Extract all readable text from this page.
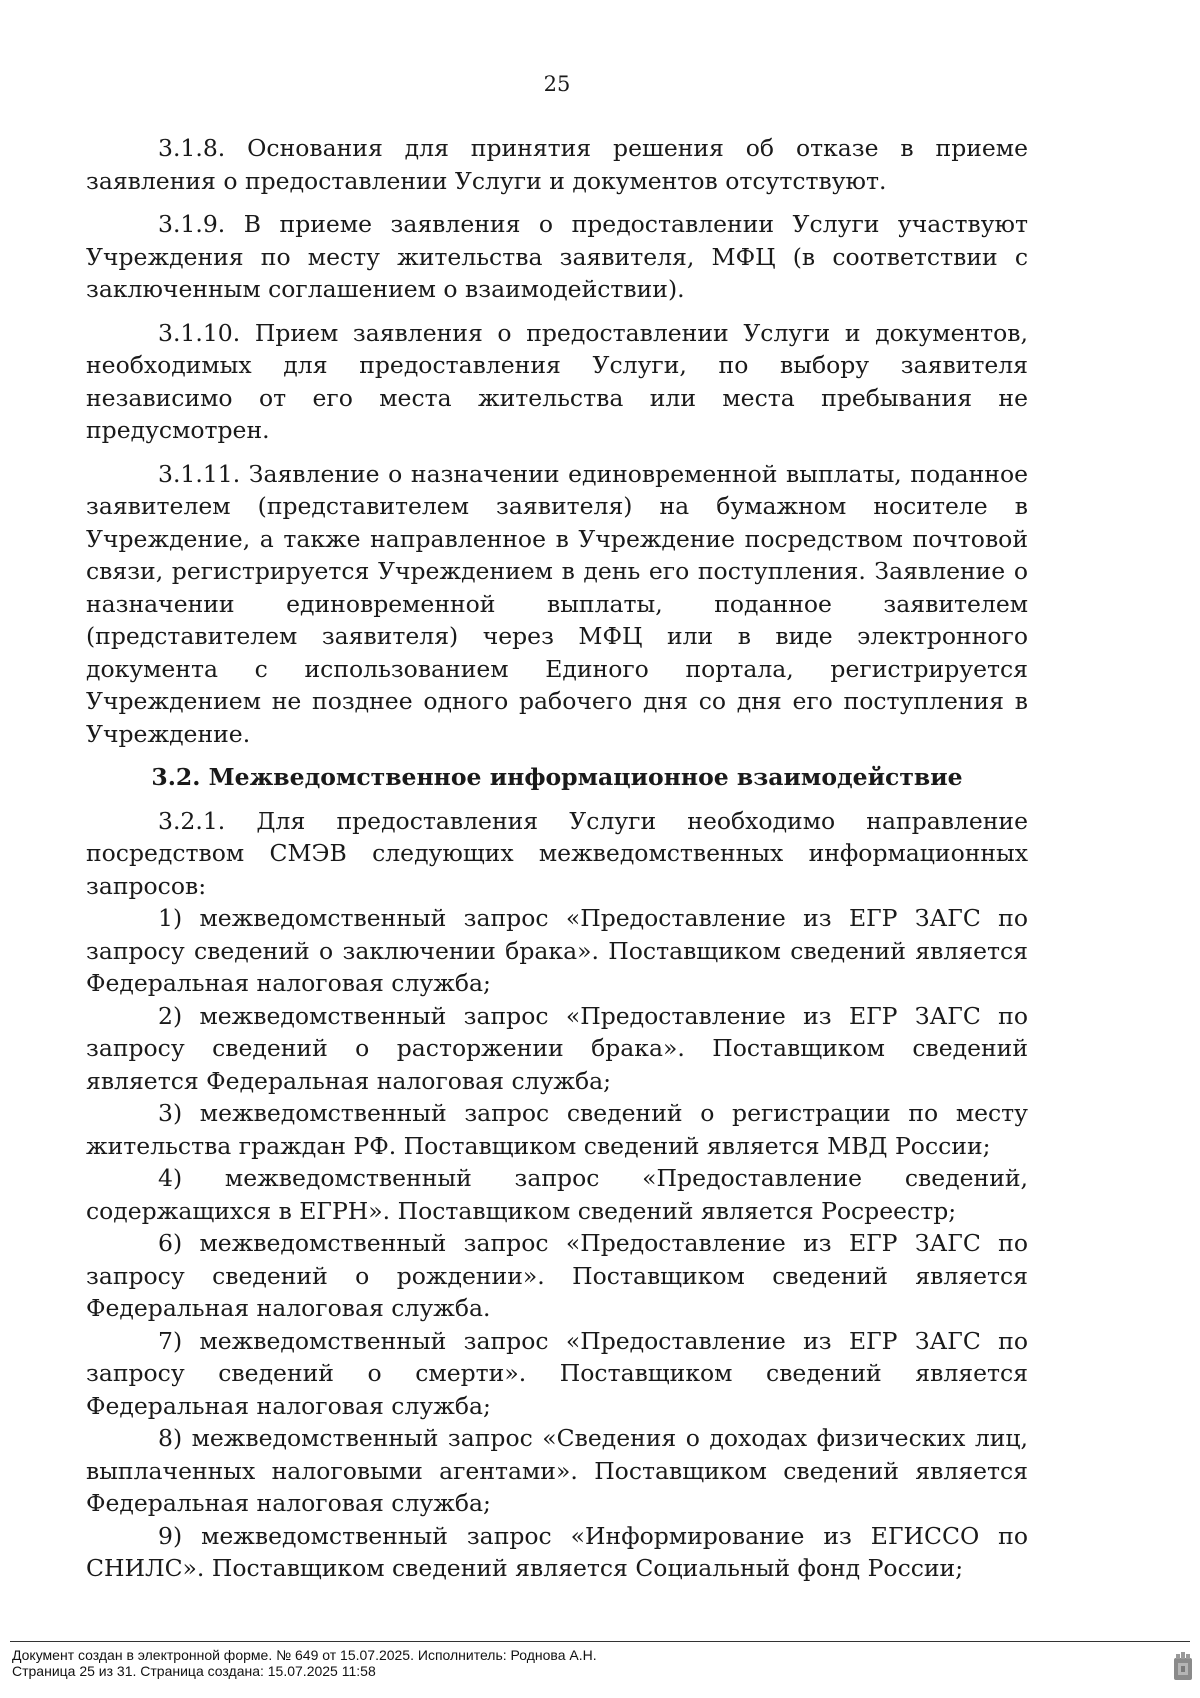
25

3.1.8. Основания для принятия решения об отказе в приеме заявления о предоставлении Услуги и документов отсутствуют.

3.1.9. В приеме заявления о предоставлении Услуги участвуют Учреждения по месту жительства заявителя, МФЦ (в соответствии с заключенным соглашением о взаимодействии).

3.1.10. Прием заявления о предоставлении Услуги и документов, необходимых для предоставления Услуги, по выбору заявителя независимо от его места жительства или места пребывания не предусмотрен.

3.1.11. Заявление о назначении единовременной выплаты, поданное заявителем (представителем заявителя) на бумажном носителе в Учреждение, а также направленное в Учреждение посредством почтовой связи, регистрируется Учреждением в день его поступления. Заявление о назначении единовременной выплаты, поданное заявителем (представителем заявителя) через МФЦ или в виде электронного документа с использованием Единого портала, регистрируется Учреждением не позднее одного рабочего дня со дня его поступления в Учреждение.

3.2. Межведомственное информационное взаимодействие

3.2.1. Для предоставления Услуги необходимо направление посредством СМЭВ следующих межведомственных информационных запросов:

1) межведомственный запрос «Предоставление из ЕГР ЗАГС по запросу сведений о заключении брака». Поставщиком сведений является Федеральная налоговая служба;

2) межведомственный запрос «Предоставление из ЕГР ЗАГС по запросу сведений о расторжении брака». Поставщиком сведений является Федеральная налоговая служба;

3) межведомственный запрос сведений о регистрации по месту жительства граждан РФ. Поставщиком сведений является МВД России;

4) межведомственный запрос «Предоставление сведений, содержащихся в ЕГРН». Поставщиком сведений является Росреестр;

6) межведомственный запрос «Предоставление из ЕГР ЗАГС по запросу сведений о рождении». Поставщиком сведений является Федеральная налоговая служба.

7) межведомственный запрос «Предоставление из ЕГР ЗАГС по запросу сведений о смерти». Поставщиком сведений является Федеральная налоговая служба;

8) межведомственный запрос «Сведения о доходах физических лиц, выплаченных налоговыми агентами». Поставщиком сведений является Федеральная налоговая служба;

9) межведомственный запрос «Информирование из ЕГИССО по СНИЛС». Поставщиком сведений является Социальный фонд России;

Документ создан в электронной форме. № 649 от 15.07.2025. Исполнитель: Роднова А.Н.
Страница 25 из 31. Страница создана: 15.07.2025 11:58
